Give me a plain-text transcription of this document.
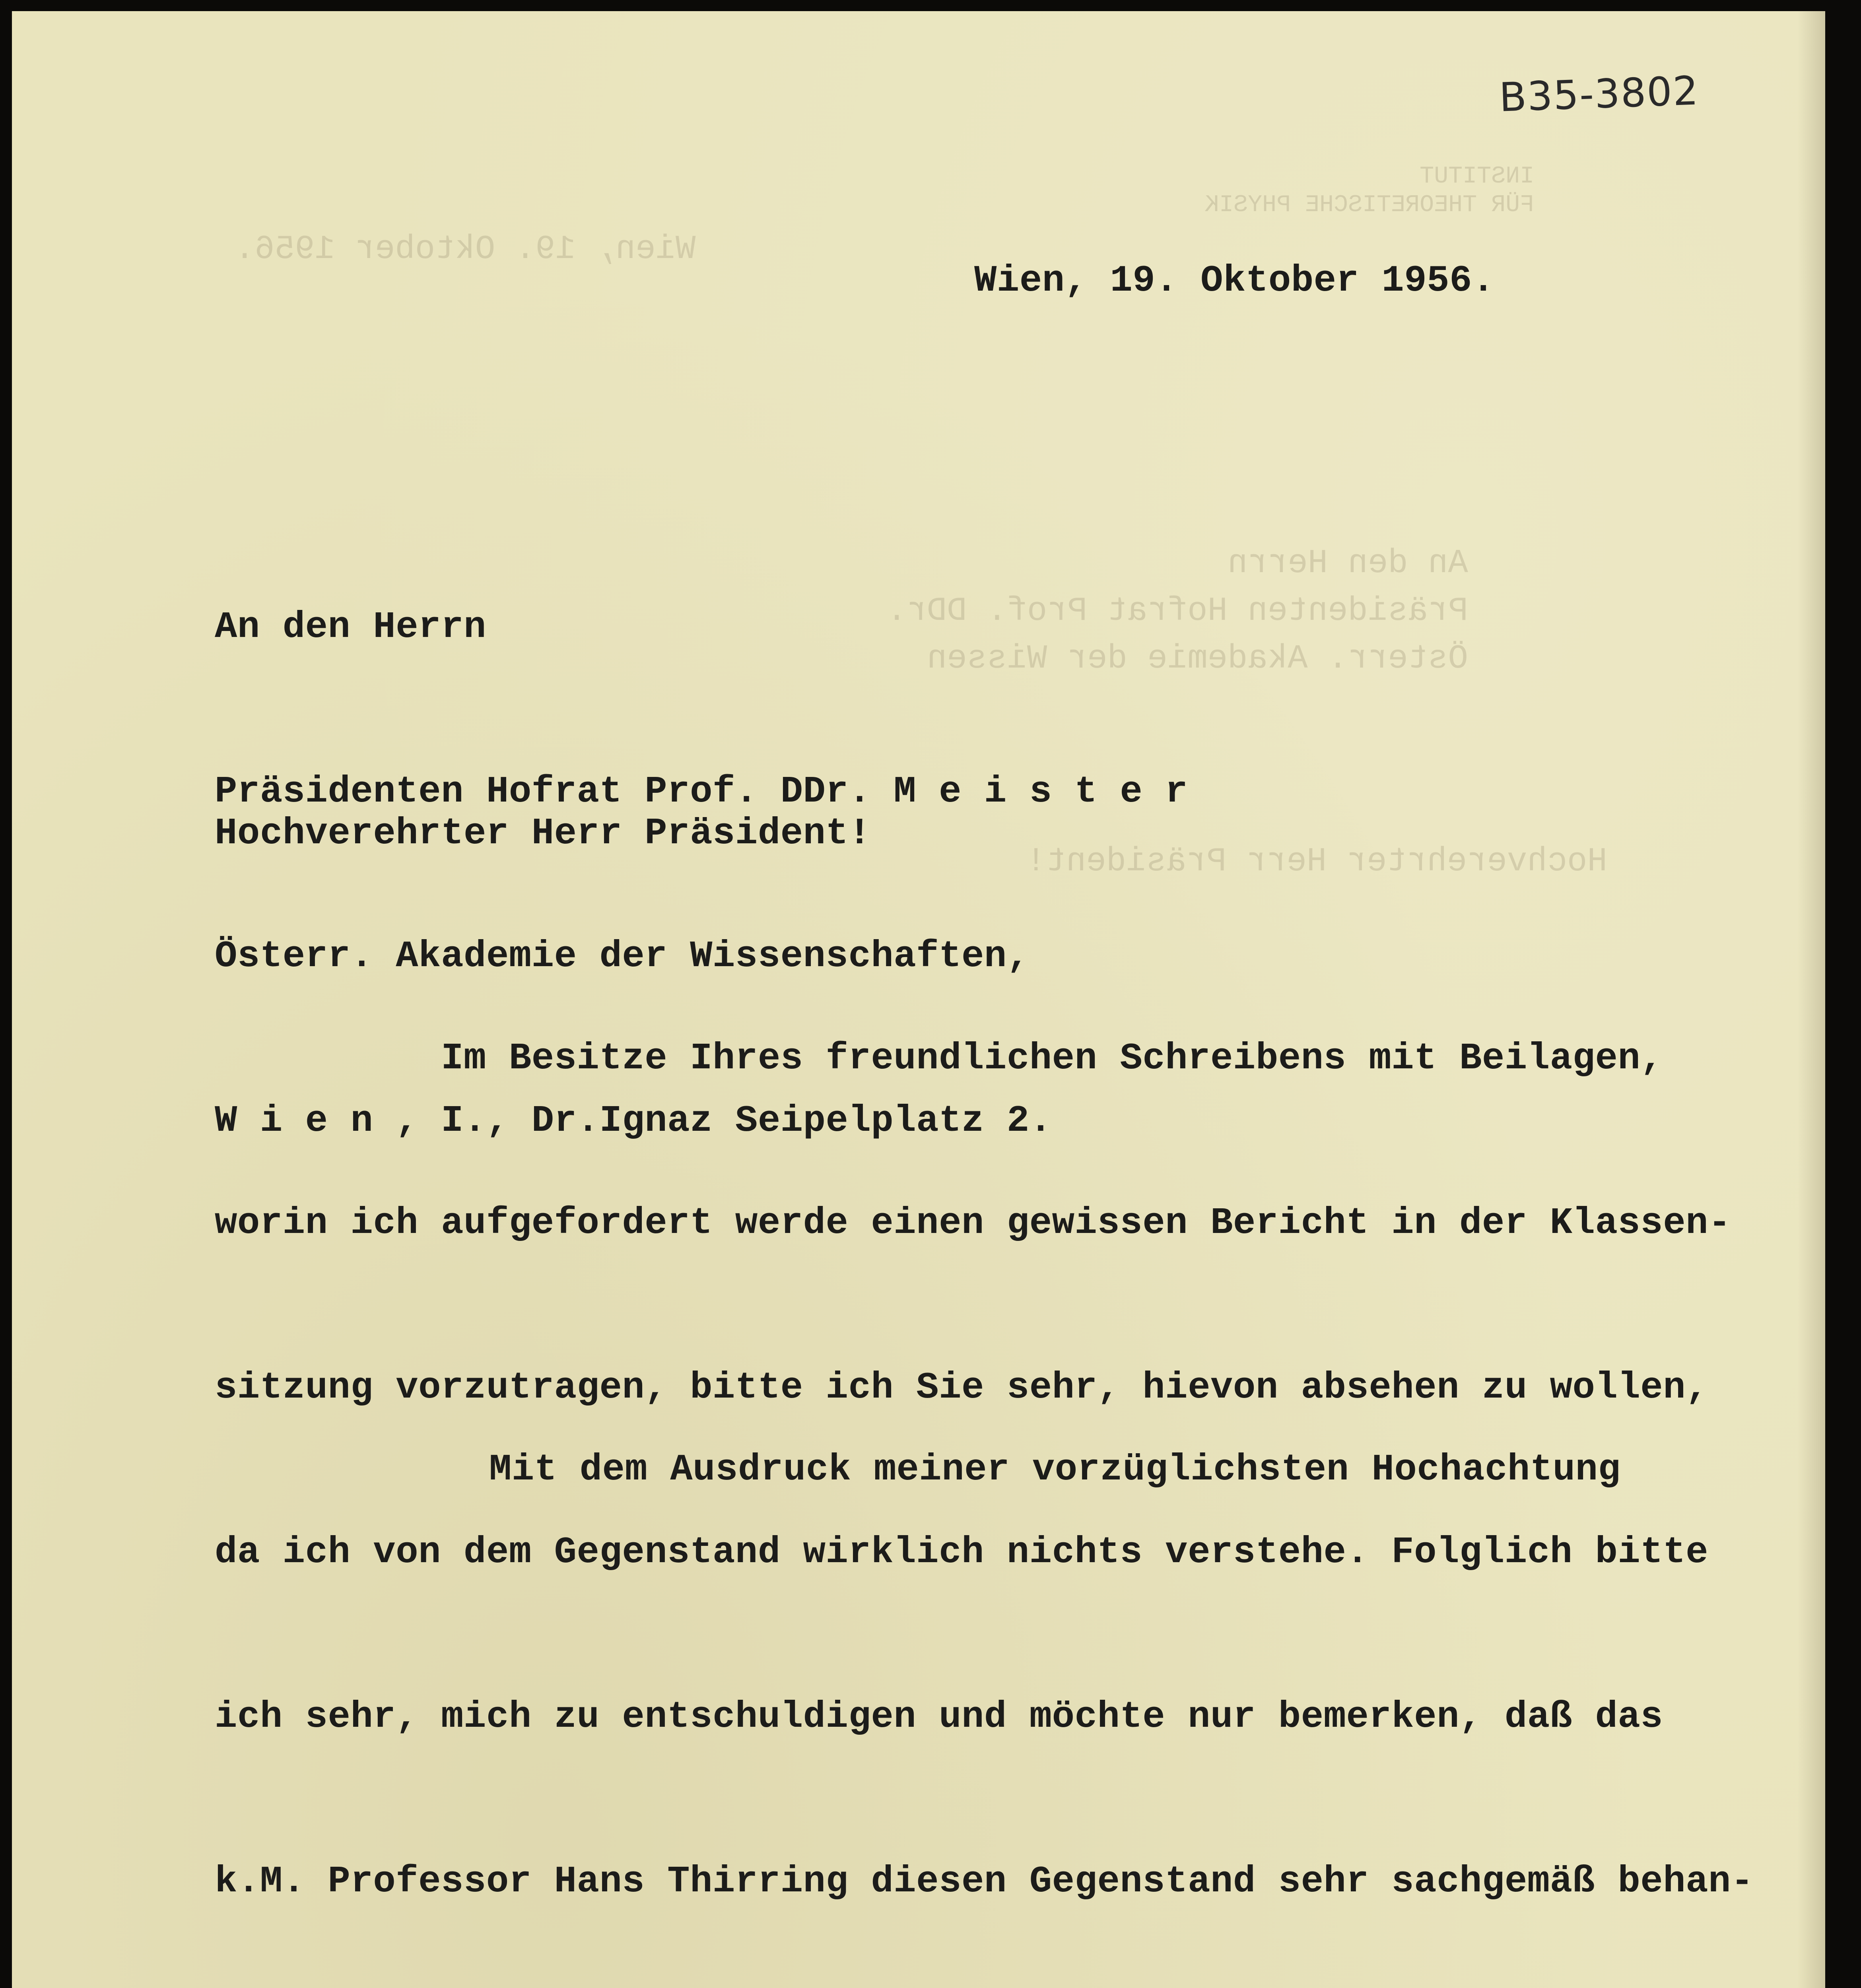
INSTITUT
FÜR THEORETISCHE PHYSIK
Wien, 19. Oktober 1956.
An den Herrn
Präsidenten Hofrat Prof. DDr.
Österr. Akademie der Wissen
Hochverehrter Herr Präsident!
B35-3802

Wien, 19. Oktober 1956.

An den Herrn

Präsidenten Hofrat Prof. DDr. M e i s t e r

Österr. Akademie der Wissenschaften,

W i e n , I., Dr.Ignaz Seipelplatz 2.

Hochverehrter Herr Präsident!

Im Besitze Ihres freundlichen Schreibens mit Beilagen,

worin ich aufgefordert werde einen gewissen Bericht in der Klassen-

sitzung vorzutragen, bitte ich Sie sehr, hievon absehen zu wollen,

da ich von dem Gegenstand wirklich nichts verstehe. Folglich bitte

ich sehr, mich zu entschuldigen und möchte nur bemerken, daß das

k.M. Professor Hans Thirring diesen Gegenstand sehr sachgemäß behan-

Mit dem Ausdruck meiner vorzüglichsten Hochachtung
